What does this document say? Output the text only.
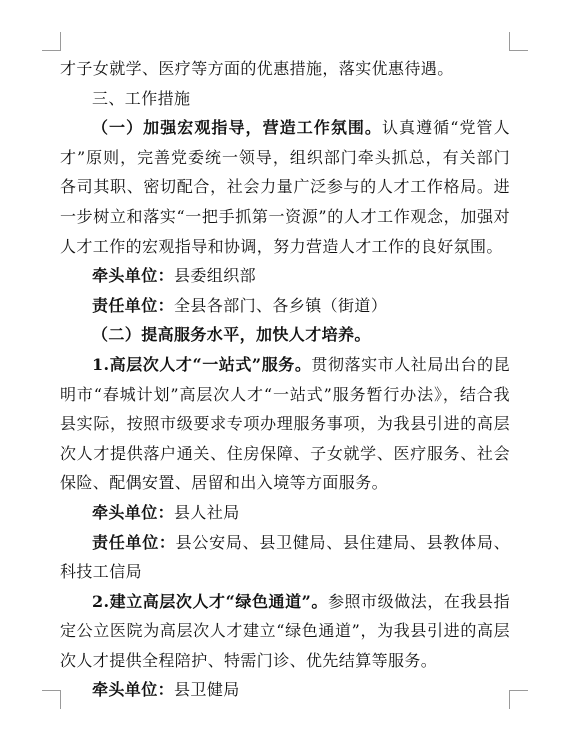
才子女就学、医疗等方面的优惠措施，落实优惠待遇。

三、工作措施

（一）加强宏观指导，营造工作氛围。认真遵循“党管人才”原则，完善党委统一领导，组织部门牵头抓总，有关部门各司其职、密切配合，社会力量广泛参与的人才工作格局。进一步树立和落实“一把手抓第一资源”的人才工作观念，加强对人才工作的宏观指导和协调，努力营造人才工作的良好氛围。

牵头单位：县委组织部

责任单位：全县各部门、各乡镇（街道）

（二）提高服务水平，加快人才培养。

1.高层次人才“一站式”服务。贯彻落实市人社局出台的昆明市“春城计划”高层次人才“一站式”服务暂行办法》，结合我县实际，按照市级要求专项办理服务事项，为我县引进的高层次人才提供落户通关、住房保障、子女就学、医疗服务、社会保险、配偶安置、居留和出入境等方面服务。

牵头单位：县人社局

责任单位：县公安局、县卫健局、县住建局、县教体局、科技工信局

2.建立高层次人才“绿色通道”。参照市级做法，在我县指定公立医院为高层次人才建立“绿色通道”，为我县引进的高层次人才提供全程陪护、特需门诊、优先结算等服务。

牵头单位：县卫健局
